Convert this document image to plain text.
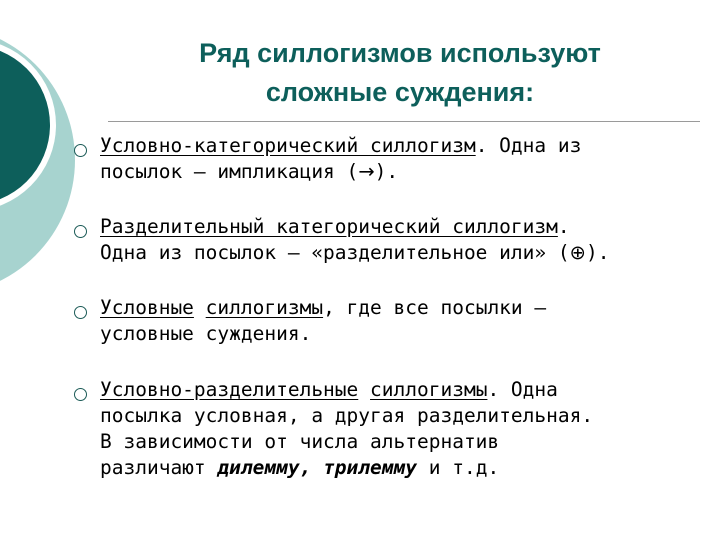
Ряд силлогизмов используют
сложные суждения:
Условно-категорический силлогизм. Одна из
посылок – импликация (→).
Разделительный категорический силлогизм.
Одна из посылок – «разделительное или» (⊕).
Условные силлогизмы, где все посылки –
условные суждения.
Условно-разделительные силлогизмы. Одна
посылка условная, а другая разделительная.
В зависимости от числа альтернатив
различают дилемму, трилемму и т.д.
